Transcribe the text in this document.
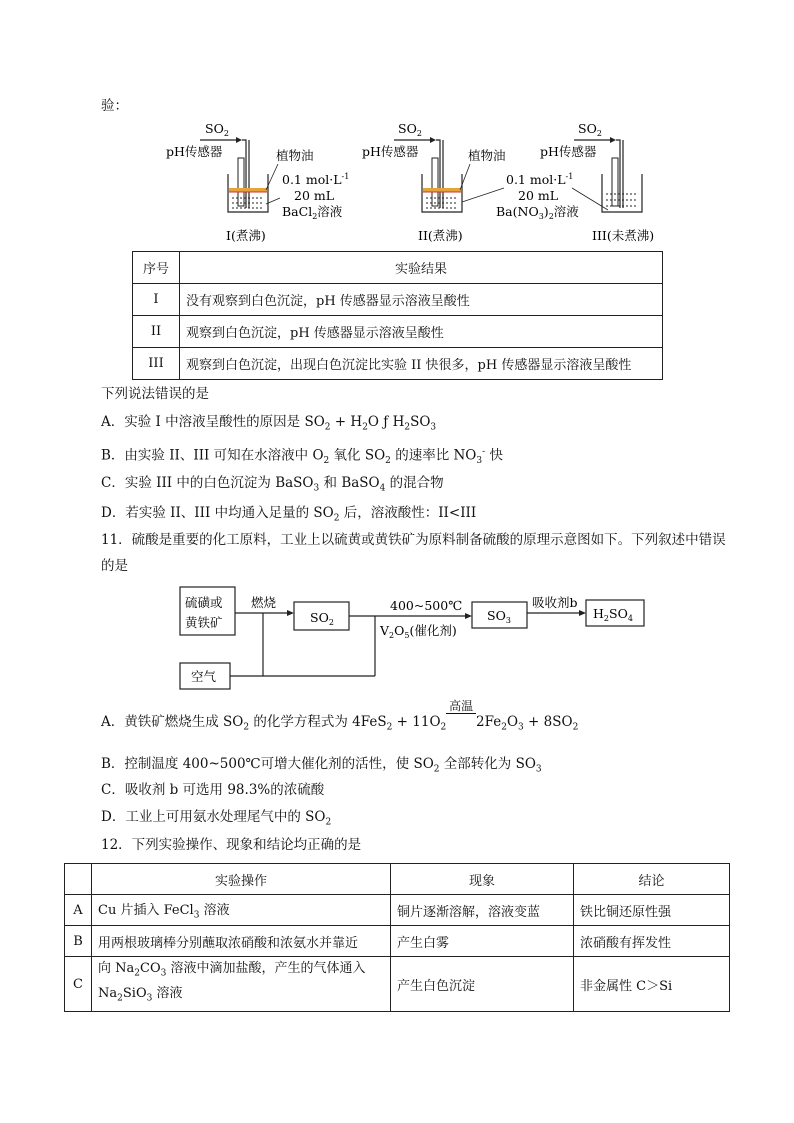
验：
$SO_2$
pH传感器	植物油
0.1 $mol\cdot L^{-1}$
20 mL
BaCl$_2$溶液
I(煮沸)
$SO_2$
pH传感器	植物油
0.1 $mol\cdot L^{-1}$
20 mL
$Ba(NO_3)_2$溶液
II(煮沸)
$SO_2$
pH传感器
III(未煮沸)
序号	实验结果
I	没有观察到白色沉淀，pH 传感器显示溶液呈酸性
II	观察到白色沉淀，pH 传感器显示溶液呈酸性
III	观察到白色沉淀，出现白色沉淀比实验 II 快很多，pH 传感器显示溶液呈酸性
下列说法错误的是
A．实验 I 中溶液呈酸性的原因是 $SO_2 + H_2O$ ƒ $H_2SO_3$
B．由实验 II、III 可知在水溶液中 $O_2$ 氧化 $SO_2$ 的速率比 $NO_3^-$ 快
C．实验 III 中的白色沉淀为 BaSO$_3$ 和 BaSO$_4$ 的混合物
D．若实验 II、III 中均通入足量的 $SO_2$ 后，溶液酸性：II<III
11．硫酸是重要的化工原料，工业上以硫黄或黄铁矿为原料制备硫酸的原理示意图如下。下列叙述中错误
的是
硫磺或
黄铁矿
燃烧
$SO_2$
400~500℃
$V_2O_5$(催化剂)
$SO_3$
吸收剂b
$H_2SO_4$
空气
A．黄铁矿燃烧生成 $SO_2$ 的化学方程式为 $4FeS_2 + 11O_2$
高温
$2Fe_2O_3 + 8SO_2$
B．控制温度 400~500℃可增大催化剂的活性，使 $SO_2$ 全部转化为 $SO_3$
C．吸收剂 b 可选用 98.3%的浓硫酸
D．工业上可用氨水处理尾气中的 $SO_2$
12．下列实验操作、现象和结论均正确的是
	实验操作	现象	结论
A	Cu 片插入 FeCl$_3$ 溶液	铜片逐渐溶解，溶液变蓝	铁比铜还原性强
B	用两根玻璃棒分别蘸取浓硝酸和浓氨水并靠近	产生白雾	浓硝酸有挥发性
C	向 $Na_2CO_3$ 溶液中滴加盐酸，产生的气体通入
$Na_2SiO_3$ 溶液	产生白色沉淀	非金属性 C＞Si
